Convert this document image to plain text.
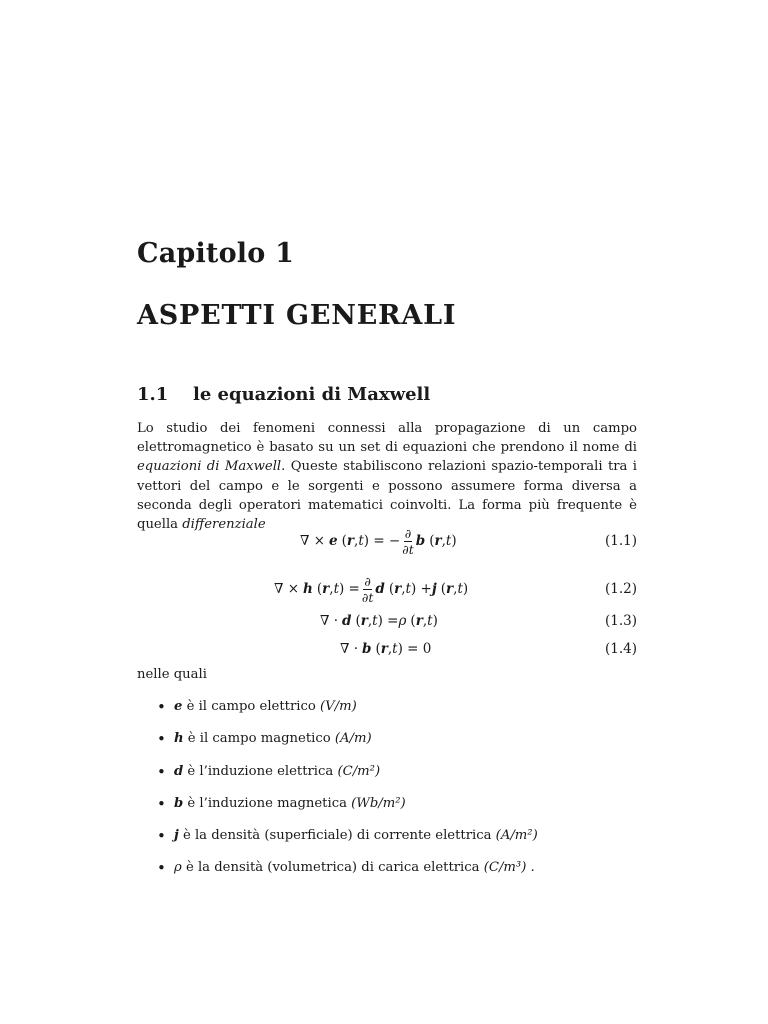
Capitolo 1
ASPETTI GENERALI
1.1 le equazioni di Maxwell
Lo studio dei fenomeni connessi alla propagazione di un campo elettromagnetico è basato su un set di equazioni che prendono il nome di equazioni di Maxwell. Queste stabiliscono relazioni spazio-temporali tra i vettori del campo e le sorgenti e possono assumere forma diversa a seconda degli operatori matematici coinvolti. La forma più frequente è quella differenziale
∇ × e ( r , t ) = − $\frac{\partial}{\partial t}$ b ( r , t )	(1.1)
∇ × h ( r , t ) = $\frac{\partial}{\partial t}$ d ( r , t ) + j ( r , t )	(1.2)
∇ · d ( r , t ) = ρ ( r , t )	(1.3)
∇ · b ( r , t ) = 0	(1.4)
nelle quali
• e è il campo elettrico (V/m)
• h è il campo magnetico (A/m)
• d è l’induzione elettrica (C/m²)
• b è l’induzione magnetica (Wb/m²)
• j è la densità (superficiale) di corrente elettrica (A/m²)
• ρ è la densità (volumetrica) di carica elettrica (C/m³) .
